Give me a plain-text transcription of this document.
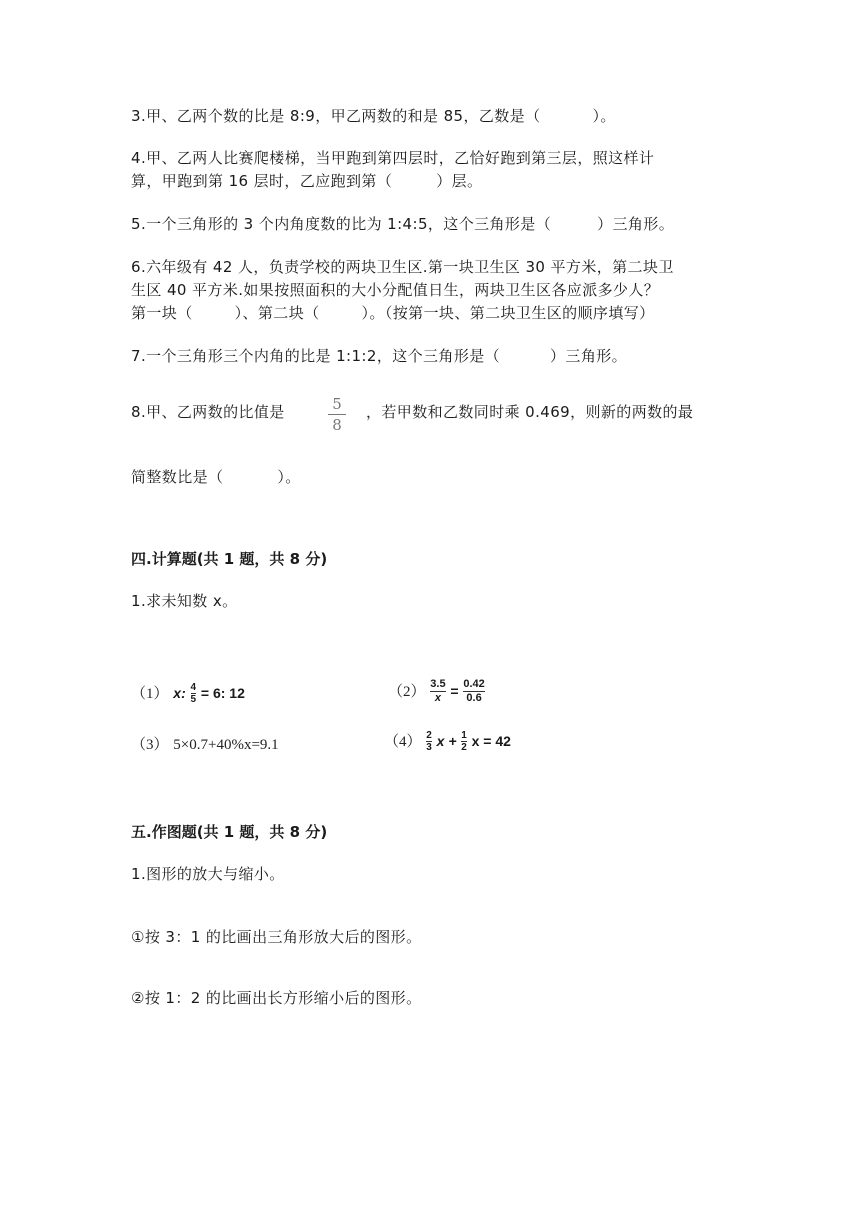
3.甲、乙两个数的比是 8:9，甲乙两数的和是 85，乙数是（	）。
4.甲、乙两人比赛爬楼梯，当甲跑到第四层时，乙恰好跑到第三层，照这样计
算，甲跑到第 16 层时，乙应跑到第（	）层。
5.一个三角形的 3 个内角度数的比为 1:4:5，这个三角形是（	）三角形。
6.六年级有 42 人，负责学校的两块卫生区.第一块卫生区 30 平方米，第二块卫
生区 40 平方米.如果按照面积的大小分配值日生，两块卫生区各应派多少人？
第一块（	）、第二块（	）。（按第一块、第二块卫生区的顺序填写）
7.一个三角形三个内角的比是 1:1:2，这个三角形是（	）三角形。
8.甲、乙两数的比值是	5
8
，若甲数和乙数同时乘 0.469，则新的两数的最
简整数比是（	）。
四.计算题(共 1 题，共 8 分)
1.求未知数 x。
（1） x: $\frac{4}{5} = 6$: 12	$(2) \frac{3.5}{x} = \frac{0.42}{0.6}$
（3） 5×0.7+40%x=9.1	$(4) \frac{2}{3}$ $x + \frac{1}{2}$ x = 42
五.作图题(共 1 题，共 8 分)
1.图形的放大与缩小。
①按 3：1 的比画出三角形放大后的图形。
②按 1：2 的比画出长方形缩小后的图形。
